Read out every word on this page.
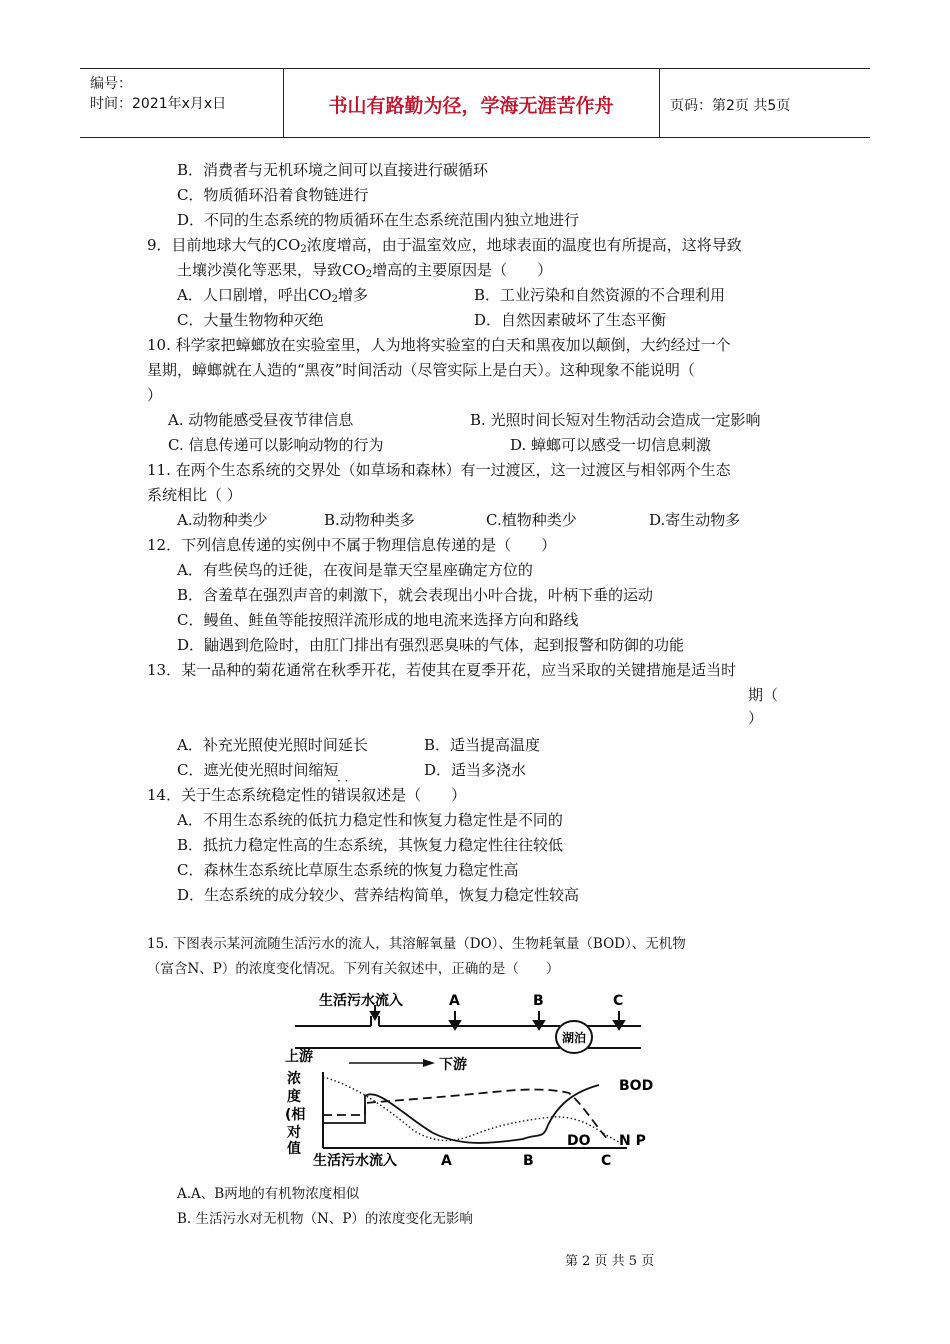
编号：
时间：2021年x月x日	书山有路勤为径，学海无涯苦作舟	页码：第2页 共5页
B．消费者与无机环境之间可以直接进行碳循环
C．物质循环沿着食物链进行
D．不同的生态系统的物质循环在生态系统范围内独立地进行
9．目前地球大气的$CO_2$浓度增高，由于温室效应，地球表面的温度也有所提高，这将导致
土壤沙漠化等恶果，导致$CO_2$增高的主要原因是（　　）
A．人口剧增，呼出$CO_2$增多	B．工业污染和自然资源的不合理利用
C．大量生物物种灭绝	D．自然因素破坏了生态平衡
10. 科学家把蟑螂放在实验室里，人为地将实验室的白天和黑夜加以颠倒，大约经过一个
星期，蟑螂就在人造的“黑夜”时间活动（尽管实际上是白天）。这种现象不能说明（
）
A. 动物能感受昼夜节律信息	B. 光照时间长短对生物活动会造成一定影响
C. 信息传递可以影响动物的行为	D. 蟑螂可以感受一切信息刺激
11. 在两个生态系统的交界处（如草场和森林）有一过渡区，这一过渡区与相邻两个生态
系统相比（ ）
A.动物种类少	B.动物种类多	C.植物种类少	D.寄生动物多
12．下列信息传递的实例中不属于物理信息传递的是（　　）
A．有些侯鸟的迁徙，在夜间是靠天空星座确定方位的
B．含羞草在强烈声音的刺激下，就会表现出小叶合拢，叶柄下垂的运动
C．鳗鱼、鲑鱼等能按照洋流形成的地电流来选择方向和路线
D．鼬遇到危险时，由肛门排出有强烈恶臭味的气体，起到报警和防御的功能
13．某一品种的菊花通常在秋季开花，若使其在夏季开花，应当采取的关键措施是适当时
期（
）
A．补充光照使光照时间延长	B．适当提高温度
C．遮光使光照时间缩短	D．适当多浇水
· ·
14．关于生态系统稳定性的错误叙述是（　　）
A．不用生态系统的低抗力稳定性和恢复力稳定性是不同的
B．抵抗力稳定性高的生态系统，其恢复力稳定性往往较低
C．森林生态系统比草原生态系统的恢复力稳定性高
D．生态系统的成分较少、营养结构简单，恢复力稳定性较高
15. 下图表示某河流随生活污水的流人，其溶解氧量（DO）、生物耗氧量（BOD）、无机物
（富含N、P）的浓度变化情况。下列有关叙述中，正确的是（　　）
湖泊
生活污水流入	A	B	C
上游	下游
浓
度
(相
对
值
BOD
DO N P
生活污水流入	A	B	C
A.A、B两地的有机物浓度相似
B. 生活污水对无机物（N、P）的浓度变化无影响
第 2 页 共 5 页
